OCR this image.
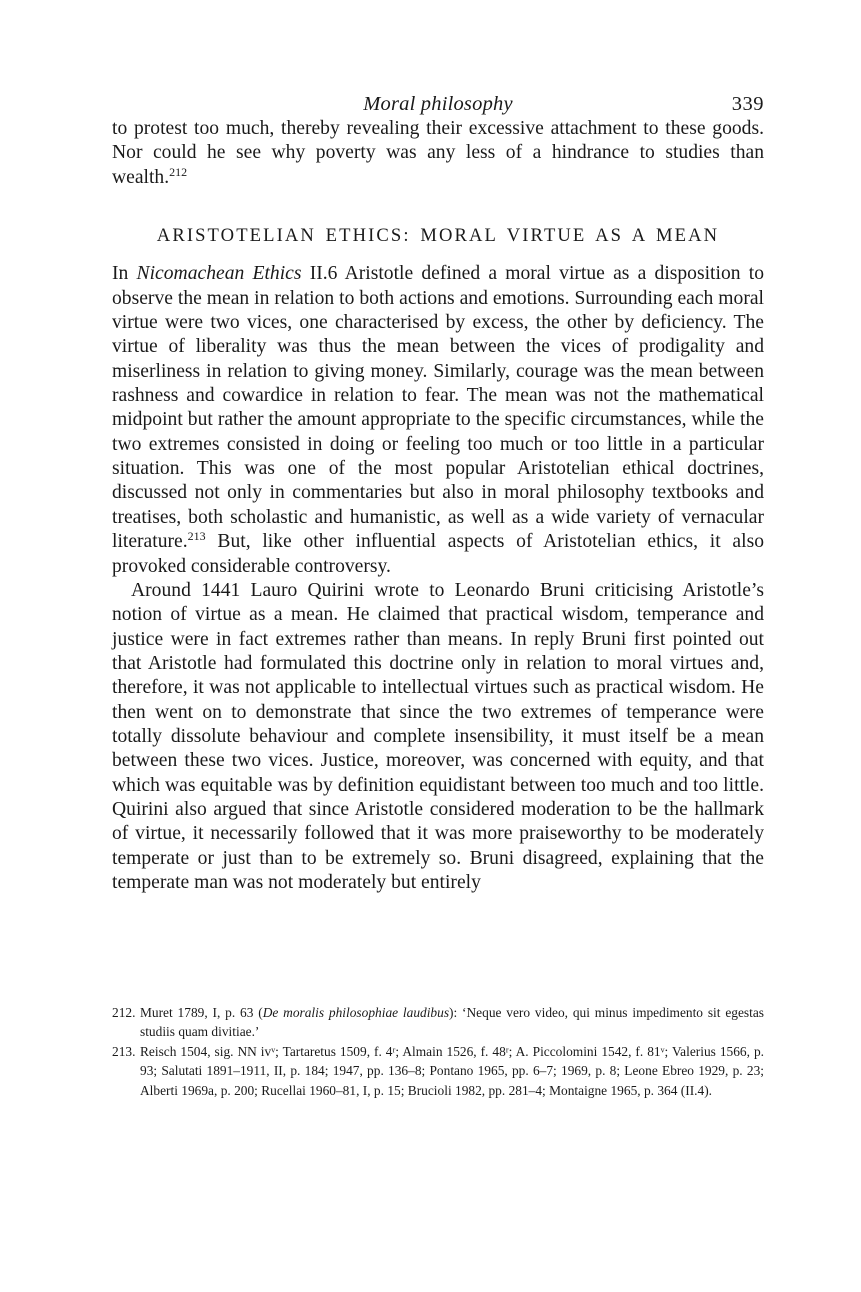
Moral philosophy	339

to protest too much, thereby revealing their excessive attachment to these goods. Nor could he see why poverty was any less of a hindrance to studies than wealth.$^{212}$

ARISTOTELIAN ETHICS: MORAL VIRTUE AS A MEAN

In Nicomachean Ethics II.6 Aristotle defined a moral virtue as a disposition to observe the mean in relation to both actions and emotions. Surrounding each moral virtue were two vices, one characterised by excess, the other by deficiency. The virtue of liberality was thus the mean between the vices of prodigality and miserliness in relation to giving money. Similarly, courage was the mean between rashness and cowardice in relation to fear. The mean was not the mathematical midpoint but rather the amount appropriate to the specific circumstances, while the two extremes consisted in doing or feeling too much or too little in a particular situation. This was one of the most popular Aristotelian ethical doctrines, discussed not only in commentaries but also in moral philosophy textbooks and treatises, both scholastic and humanistic, as well as a wide variety of vernacular literature.$^{213}$ But, like other influential aspects of Aristotelian ethics, it also provoked considerable controversy.

Around 1441 Lauro Quirini wrote to Leonardo Bruni criticising Aristotle’s notion of virtue as a mean. He claimed that practical wisdom, temperance and justice were in fact extremes rather than means. In reply Bruni first pointed out that Aristotle had formulated this doctrine only in relation to moral virtues and, therefore, it was not applicable to intellectual virtues such as practical wisdom. He then went on to demonstrate that since the two extremes of temperance were totally dissolute behaviour and complete insensibility, it must itself be a mean between these two vices. Justice, moreover, was concerned with equity, and that which was equitable was by definition equidistant between too much and too little. Quirini also argued that since Aristotle considered moderation to be the hallmark of virtue, it necessarily followed that it was more praiseworthy to be moderately temperate or just than to be extremely so. Bruni disagreed, explaining that the temperate man was not moderately but entirely

212. Muret 1789, I, p. 63 (De moralis philosophiae laudibus): ‘Neque vero video, qui minus impedimento sit egestas studiis quam divitiae.’

213. Reisch 1504, sig. NN ivᵛ; Tartaretus 1509, f. 4ʳ; Almain 1526, f. 48ʳ; A. Piccolomini 1542, f. 81ᵛ; Valerius 1566, p. 93; Salutati 1891–1911, II, p. 184; 1947, pp. 136–8; Pontano 1965, pp. 6–7; 1969, p. 8; Leone Ebreo 1929, p. 23; Alberti 1969a, p. 200; Rucellai 1960–81, I, p. 15; Brucioli 1982, pp. 281–4; Montaigne 1965, p. 364 (II.4).
